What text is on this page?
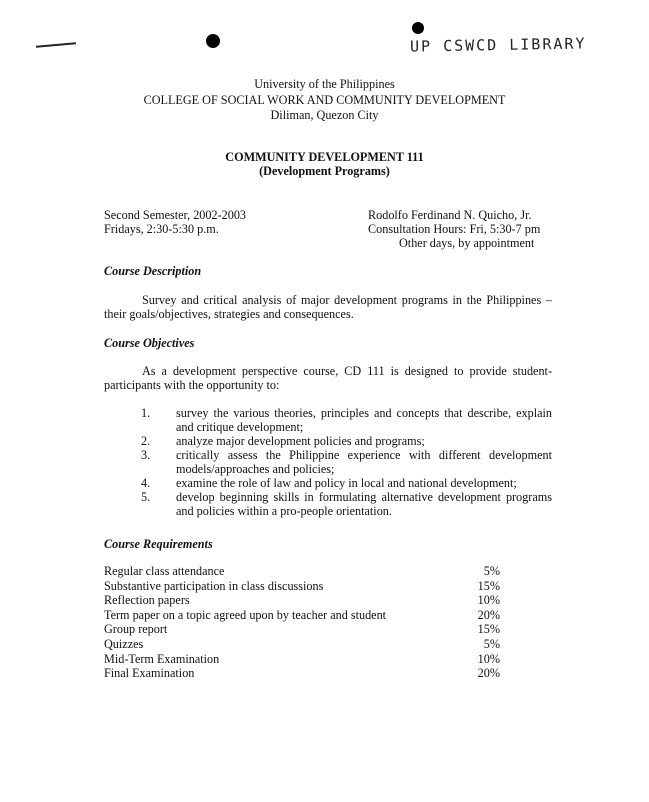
UP CSWCD LIBRARY
University of the Philippines
COLLEGE OF SOCIAL WORK AND COMMUNITY DEVELOPMENT
Diliman, Quezon City
COMMUNITY DEVELOPMENT 111
(Development Programs)
Second Semester, 2002-2003
Fridays, 2:30-5:30 p.m.
Rodolfo Ferdinand N. Quicho, Jr.
Consultation Hours: Fri, 5:30-7 pm
Other days, by appointment
Course Description
Survey and critical analysis of major development programs in the Philippines – their goals/objectives, strategies and consequences.
Course Objectives
As a development perspective course, CD 111 is designed to provide student-participants with the opportunity to:
1.	survey the various theories, principles and concepts that describe, explain and critique development;
2.	analyze major development policies and programs;
3.	critically assess the Philippine experience with different development models/approaches and policies;
4.	examine the role of law and policy in local and national development;
5.	develop beginning skills in formulating alternative development programs and policies within a pro-people orientation.
Course Requirements
Regular class attendance	5%
Substantive participation in class discussions	15%
Reflection papers	10%
Term paper on a topic agreed upon by teacher and student	20%
Group report	15%
Quizzes	5%
Mid-Term Examination	10%
Final Examination	20%
